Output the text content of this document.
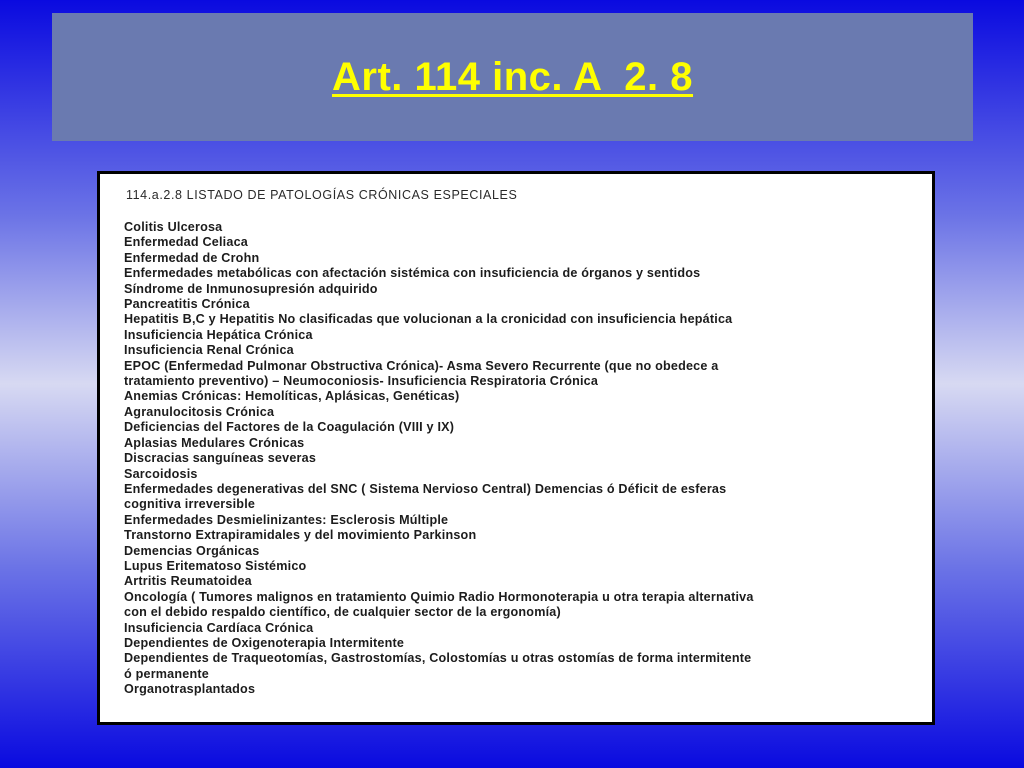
Art. 114 inc. A  2. 8
114.a.2.8 LISTADO DE PATOLOGÍAS CRÓNICAS ESPECIALES
Colitis Ulcerosa
Enfermedad Celiaca
Enfermedad de Crohn
Enfermedades metabólicas con afectación sistémica con insuficiencia de órganos y sentidos
Síndrome de Inmunosupresión adquirido
Pancreatitis Crónica
Hepatitis B,C y Hepatitis No clasificadas que volucionan a la cronicidad con insuficiencia hepática
Insuficiencia Hepática Crónica
Insuficiencia Renal Crónica
EPOC (Enfermedad Pulmonar Obstructiva Crónica)- Asma Severo Recurrente (que no obedece a
tratamiento preventivo) – Neumoconiosis- Insuficiencia Respiratoria Crónica
Anemias Crónicas: Hemolíticas, Aplásicas, Genéticas)
Agranulocitosis Crónica
Deficiencias del Factores de la Coagulación (VIII y IX)
Aplasias Medulares Crónicas
Discracias sanguíneas severas
Sarcoidosis
Enfermedades degenerativas del SNC ( Sistema Nervioso Central) Demencias ó Déficit de esferas
cognitiva irreversible
Enfermedades Desmielinizantes: Esclerosis Múltiple
Transtorno Extrapiramidales y del movimiento Parkinson
Demencias Orgánicas
Lupus Eritematoso Sistémico
Artritis Reumatoidea
Oncología ( Tumores malignos en tratamiento Quimio Radio Hormonoterapia u otra terapia alternativa
con el debido respaldo científico, de cualquier sector de la ergonomía)
Insuficiencia Cardíaca Crónica
Dependientes de Oxigenoterapia Intermitente
Dependientes de Traqueotomías, Gastrostomías, Colostomías u otras ostomías de forma intermitente
ó permanente
Organotrasplantados
